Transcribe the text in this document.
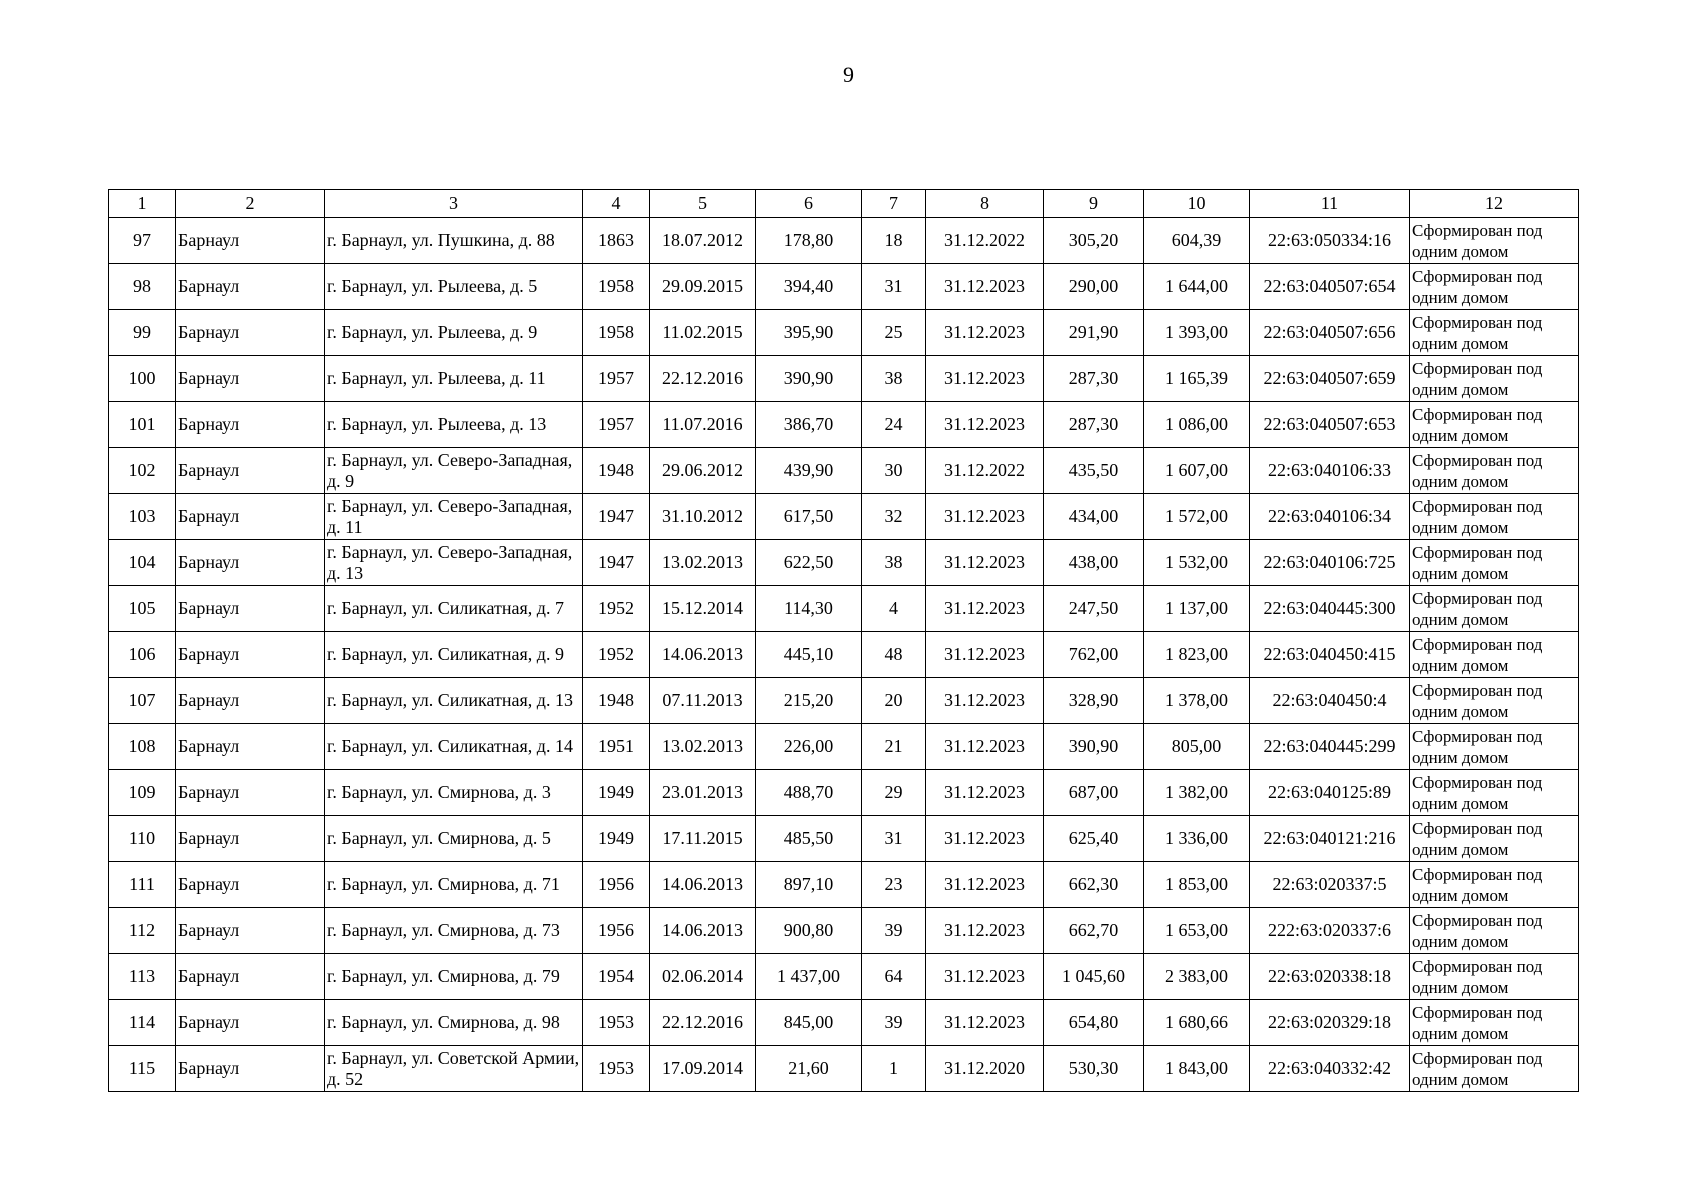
9
1	2	3	4	5	6	7	8	9	10	11	12
97	Барнаул	г. Барнаул, ул. Пушкина, д. 88	1863	18.07.2012	178,80	18	31.12.2022	305,20	604,39	22:63:050334:16	Сформирован под одним домом
98	Барнаул	г. Барнаул, ул. Рылеева, д. 5	1958	29.09.2015	394,40	31	31.12.2023	290,00	1 644,00	22:63:040507:654	Сформирован под одним домом
99	Барнаул	г. Барнаул, ул. Рылеева, д. 9	1958	11.02.2015	395,90	25	31.12.2023	291,90	1 393,00	22:63:040507:656	Сформирован под одним домом
100	Барнаул	г. Барнаул, ул. Рылеева, д. 11	1957	22.12.2016	390,90	38	31.12.2023	287,30	1 165,39	22:63:040507:659	Сформирован под одним домом
101	Барнаул	г. Барнаул, ул. Рылеева, д. 13	1957	11.07.2016	386,70	24	31.12.2023	287,30	1 086,00	22:63:040507:653	Сформирован под одним домом
102	Барнаул	г. Барнаул, ул. Северо-Западная, д. 9	1948	29.06.2012	439,90	30	31.12.2022	435,50	1 607,00	22:63:040106:33	Сформирован под одним домом
103	Барнаул	г. Барнаул, ул. Северо-Западная, д. 11	1947	31.10.2012	617,50	32	31.12.2023	434,00	1 572,00	22:63:040106:34	Сформирован под одним домом
104	Барнаул	г. Барнаул, ул. Северо-Западная, д. 13	1947	13.02.2013	622,50	38	31.12.2023	438,00	1 532,00	22:63:040106:725	Сформирован под одним домом
105	Барнаул	г. Барнаул, ул. Силикатная, д. 7	1952	15.12.2014	114,30	4	31.12.2023	247,50	1 137,00	22:63:040445:300	Сформирован под одним домом
106	Барнаул	г. Барнаул, ул. Силикатная, д. 9	1952	14.06.2013	445,10	48	31.12.2023	762,00	1 823,00	22:63:040450:415	Сформирован под одним домом
107	Барнаул	г. Барнаул, ул. Силикатная, д. 13	1948	07.11.2013	215,20	20	31.12.2023	328,90	1 378,00	22:63:040450:4	Сформирован под одним домом
108	Барнаул	г. Барнаул, ул. Силикатная, д. 14	1951	13.02.2013	226,00	21	31.12.2023	390,90	805,00	22:63:040445:299	Сформирован под одним домом
109	Барнаул	г. Барнаул, ул. Смирнова, д. 3	1949	23.01.2013	488,70	29	31.12.2023	687,00	1 382,00	22:63:040125:89	Сформирован под одним домом
110	Барнаул	г. Барнаул, ул. Смирнова, д. 5	1949	17.11.2015	485,50	31	31.12.2023	625,40	1 336,00	22:63:040121:216	Сформирован под одним домом
111	Барнаул	г. Барнаул, ул. Смирнова, д. 71	1956	14.06.2013	897,10	23	31.12.2023	662,30	1 853,00	22:63:020337:5	Сформирован под одним домом
112	Барнаул	г. Барнаул, ул. Смирнова, д. 73	1956	14.06.2013	900,80	39	31.12.2023	662,70	1 653,00	222:63:020337:6	Сформирован под одним домом
113	Барнаул	г. Барнаул, ул. Смирнова, д. 79	1954	02.06.2014	1 437,00	64	31.12.2023	1 045,60	2 383,00	22:63:020338:18	Сформирован под одним домом
114	Барнаул	г. Барнаул, ул. Смирнова, д. 98	1953	22.12.2016	845,00	39	31.12.2023	654,80	1 680,66	22:63:020329:18	Сформирован под одним домом
115	Барнаул	г. Барнаул, ул. Советской Армии, д. 52	1953	17.09.2014	21,60	1	31.12.2020	530,30	1 843,00	22:63:040332:42	Сформирован под одним домом
